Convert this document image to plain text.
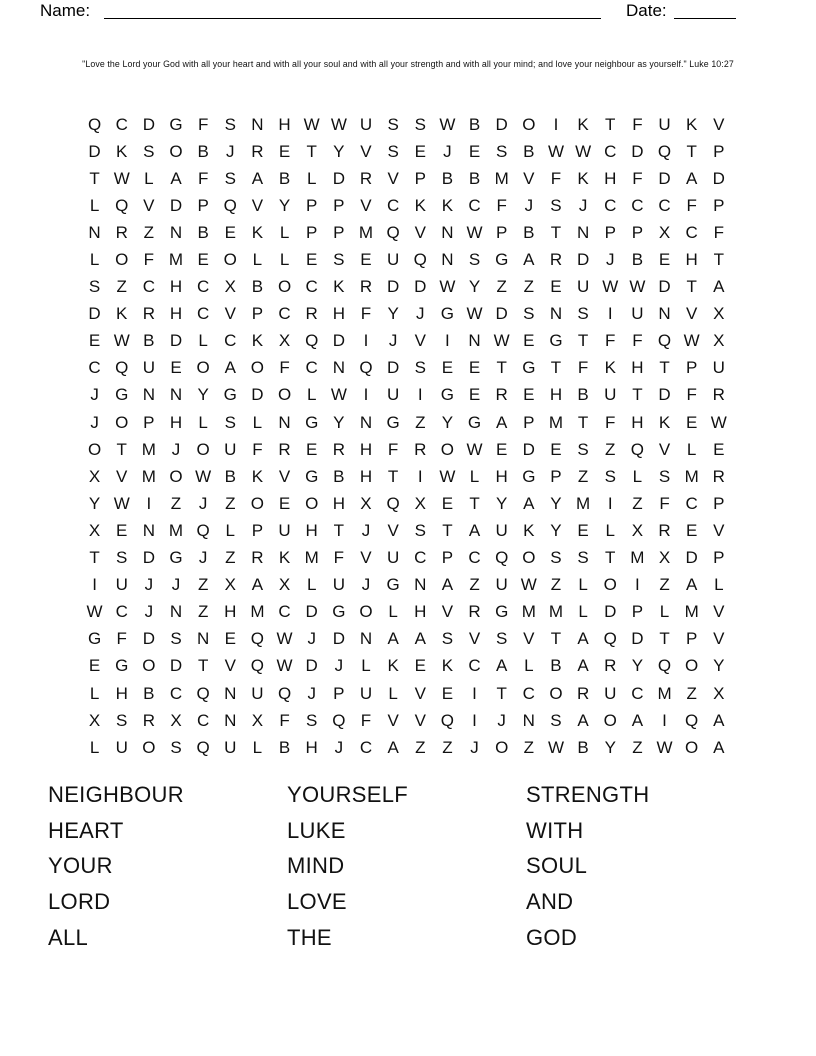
Name:	Date:
"Love the Lord your God with all your heart and with all your soul and with all your strength and with all your mind; and love your neighbour as yourself." Luke 10:27
Q C D G F S N H W W U S S W B D O	I	K T F U K V
D K S O B	J R E T Y V S E	J	E S B W W C D Q T P
T W L A F S A B L D R V P B B M V F K H F D A D
L Q V D P Q V Y P P V C K K C F	J	S	J C C C F P
N R Z N B E K L P P M Q V N W P B T N P P X C F
L O F M E O L	L E S E U Q N S G A R D J	B E H T
S Z C H C X B O C K R D D W Y Z Z E U W W D T A
D K R H C V P C R H F Y	J G W D S N S	I	U N V X
E W B D L C K X Q D	I	J	V	I	N W E G T F F Q W X
C Q U E O A O F C N Q D S E E T G T F K H T P U
J G N N Y G D O L W I	U	I	G E R E H B U T D F R
J O P H L S L N G Y N G Z Y G A P M T F H K E W
O T M J O U F R E R H F R O W E D E S Z Q V L E
X V M O W B K V G B H T	I W L H G P Z S L S M R
Y W I	Z	J	Z O E O H X Q X E T Y A Y M	I	Z F C P
X E N M Q L P U H T	J	V S T A U K Y E L X R E V
T S D G J	Z R K M F V U C P C Q O S S T M X D P
I	U J	J	Z X A X L U J G N A Z U W Z	L O	I	Z A L
W C J N Z H M C D G O L H V R G M M L D P L M V
G F D S N E Q W J D N A A S V S V T A Q D T P V
E G O D T V Q W D J	L K E K C A L B A R Y Q O Y
L H B C Q N U Q J	P U L V E	I	T C O R U C M Z X
X S R X C N X F S Q F V V Q	I	J N S A O A	I	Q A
L U O S Q U L B H J C A Z Z	J O Z W B Y Z W O A
NEIGHBOUR
HEART
YOUR
LORD
ALL
YOURSELF
LUKE
MIND
LOVE
THE
STRENGTH
WITH
SOUL
AND
GOD
